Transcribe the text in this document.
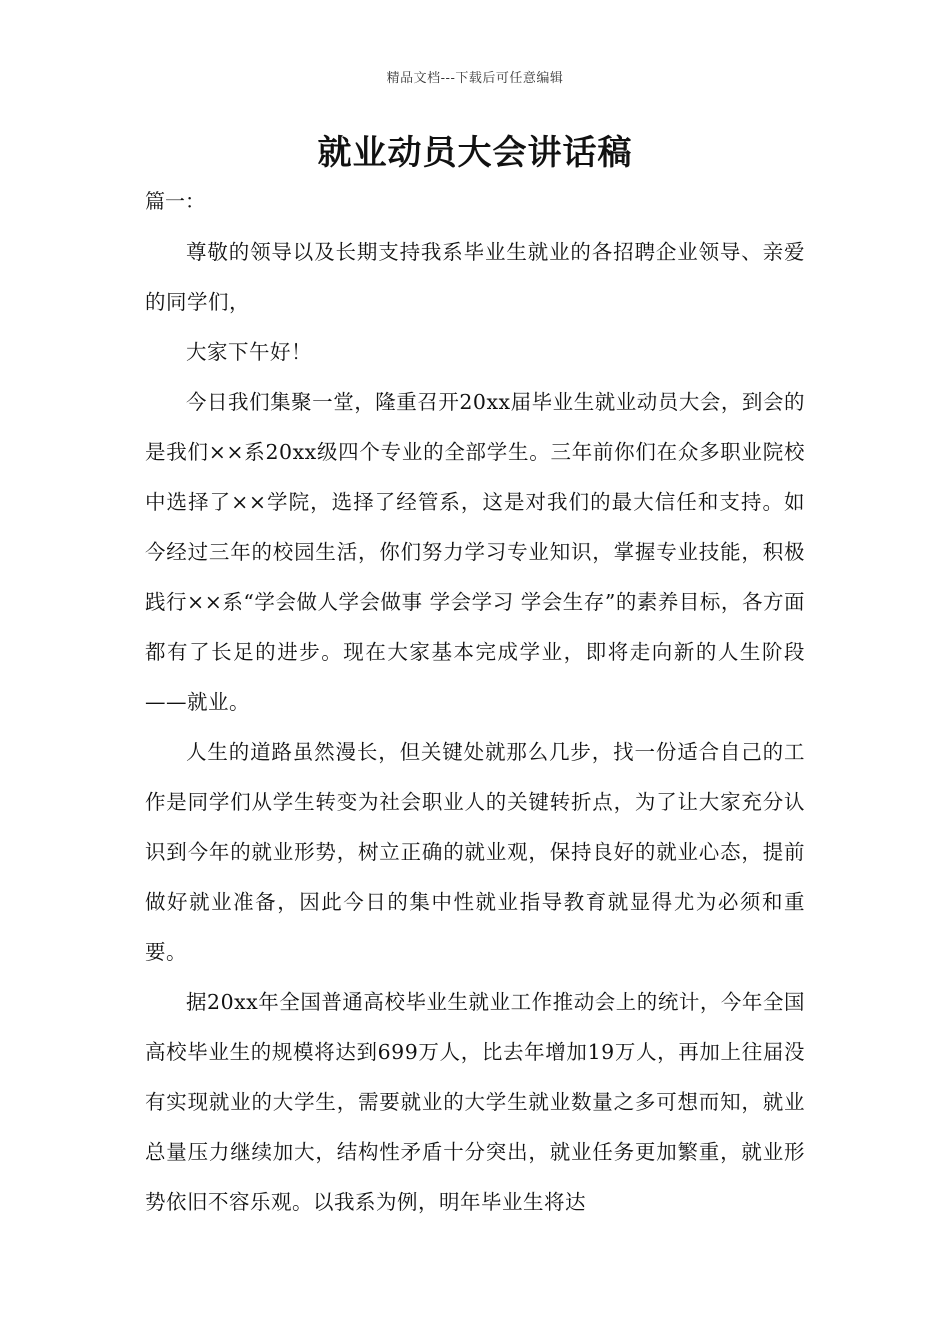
精品文档---下载后可任意编辑
就业动员大会讲话稿
篇一：

尊敬的领导以及长期支持我系毕业生就业的各招聘企业领导、亲爱的同学们，

大家下午好！

今日我们集聚一堂，隆重召开20xx届毕业生就业动员大会，到会的是我们××系20xx级四个专业的全部学生。三年前你们在众多职业院校中选择了××学院，选择了经管系，这是对我们的最大信任和支持。如今经过三年的校园生活，你们努力学习专业知识，掌握专业技能，积极践行××系“学会做人学会做事 学会学习 学会生存”的素养目标，各方面都有了长足的进步。现在大家基本完成学业，即将走向新的人生阶段——就业。

人生的道路虽然漫长，但关键处就那么几步，找一份适合自己的工作是同学们从学生转变为社会职业人的关键转折点，为了让大家充分认识到今年的就业形势，树立正确的就业观，保持良好的就业心态，提前做好就业准备，因此今日的集中性就业指导教育就显得尤为必须和重要。

据20xx年全国普通高校毕业生就业工作推动会上的统计，今年全国高校毕业生的规模将达到699万人，比去年增加19万人，再加上往届没有实现就业的大学生，需要就业的大学生就业数量之多可想而知，就业总量压力继续加大，结构性矛盾十分突出，就业任务更加繁重，就业形势依旧不容乐观。以我系为例，明年毕业生将达
